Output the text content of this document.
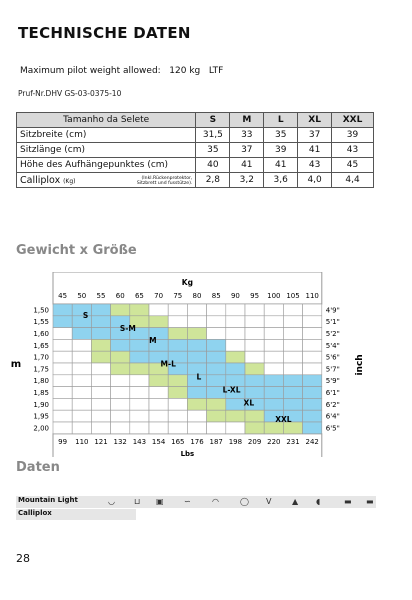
TECHNISCHE DATEN
Maximum pilot weight allowed: 120 kg LTF
Pruf-Nr.DHV GS-03-0375-10
Tamanho da Selete	S	M	L	XL	XXL
Sitzbreite (cm)	31,5	33	35	37	39
Sitzlänge (cm)	35	37	39	41	43
Höhe des Aufhängepunktes (cm)	40	41	41	43	45
Calliplox (Kg) (Inkl.Rückenprotektor,
Sitzbrett und fusstütze).	2,8	3,2	3,6	4,0	4,4
Gewicht x Größe
Kg
45 50 55 60 65 70 75 80 85 90 95 100 105 110
99 110 121 132 143 154 165 176 187 198 209 220 231 242
Lbs
1,50
1,55
1,60
1,65
1,70
1,75
1,80
1,85
1,90
1,95
2,00
m
4'9"
5'1"
5'2"
5'4"
5'6"
5'7"
5'9"
6'1"
6'2"
6'4"
6'5"
inch
S
S-M
M
M-L
L
L-XL
XL
XXL
Daten
Mountain Light	◡ ⊔ ▣	∽	◠	◯ V	▲ ◖	▬ ▬
Calliplox
28
